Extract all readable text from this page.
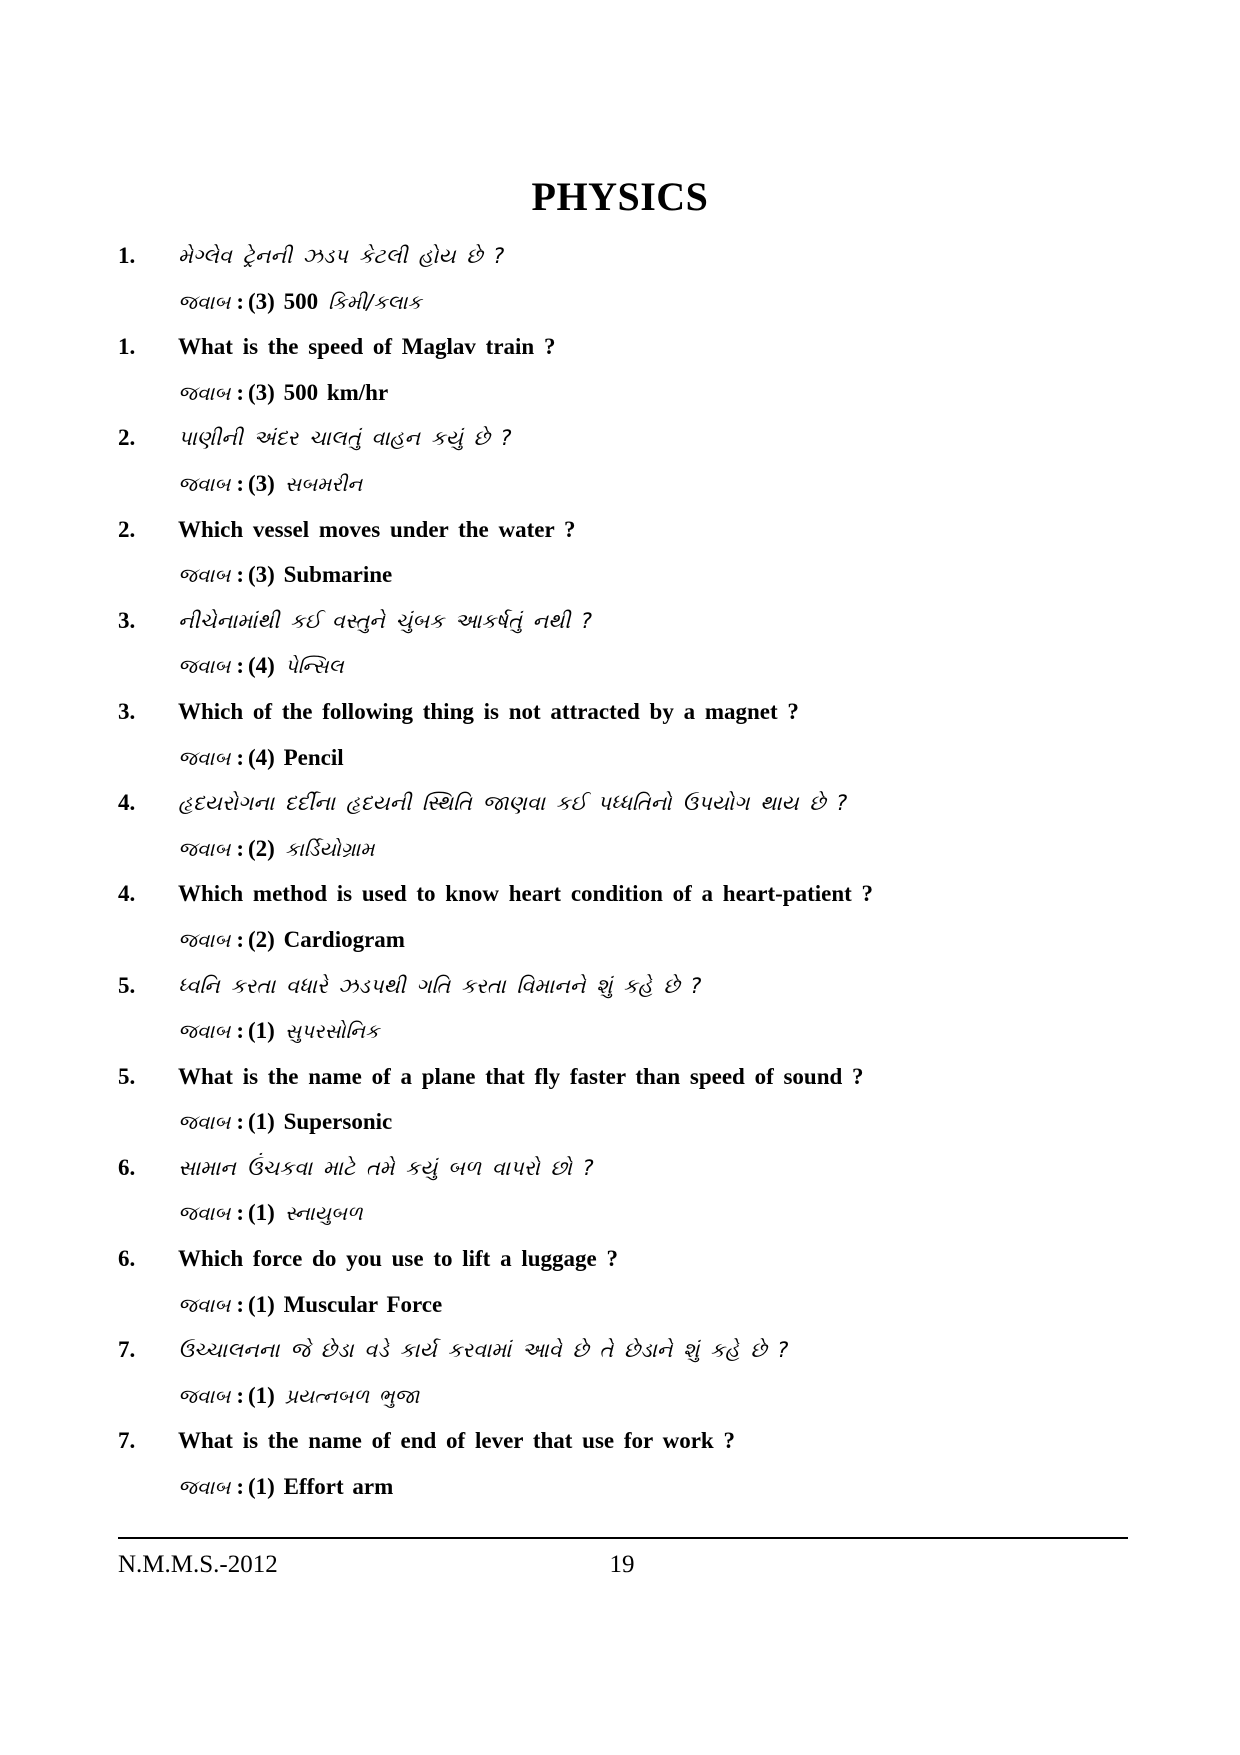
PHYSICS
1. મેગ્લેવ ટ્રેનની ઝડપ કેટલી હોય છે ?
જવાબ : (3) 500 કિમી/કલાક
1. What is the speed of Maglav train ?
જવાબ : (3) 500 km/hr
2. પાણીની અંદર ચાલતું વાહન કયું છે ?
જવાબ : (3) સબમરીન
2. Which vessel moves under the water ?
જવાબ : (3) Submarine
3. નીચેનામાંથી કઈ વસ્તુને ચુંબક આકર્ષતું નથી ?
જવાબ : (4) પેન્સિલ
3. Which of the following thing is not attracted by a magnet ?
જવાબ : (4) Pencil
4. હૃદયરોગના દર્દીના હૃદયની સ્થિતિ જાણવા કઈ પધ્ધતિનો ઉપયોગ થાય છે ?
જવાબ : (2) કાર્ડિયોગ્રામ
4. Which method is used to know heart condition of a heart-patient ?
જવાબ : (2) Cardiogram
5. ધ્વનિ કરતા વધારે ઝડપથી ગતિ કરતા વિમાનને શું કહે છે ?
જવાબ : (1) સુપરસોનિક
5. What is the name of a plane that fly faster than speed of sound ?
જવાબ : (1) Supersonic
6. સામાન ઉંચકવા માટે તમે કયું બળ વાપરો છો ?
જવાબ : (1) સ્નાયુબળ
6. Which force do you use to lift a luggage ?
જવાબ : (1) Muscular Force
7. ઉચ્ચાલનના જે છેડા વડે કાર્ય કરવામાં આવે છે તે છેડાને શું કહે છે ?
જવાબ : (1) પ્રયત્નબળ ભુજા
7. What is the name of end of lever that use for work ?
જવાબ : (1) Effort arm
N.M.M.S.-2012	19
